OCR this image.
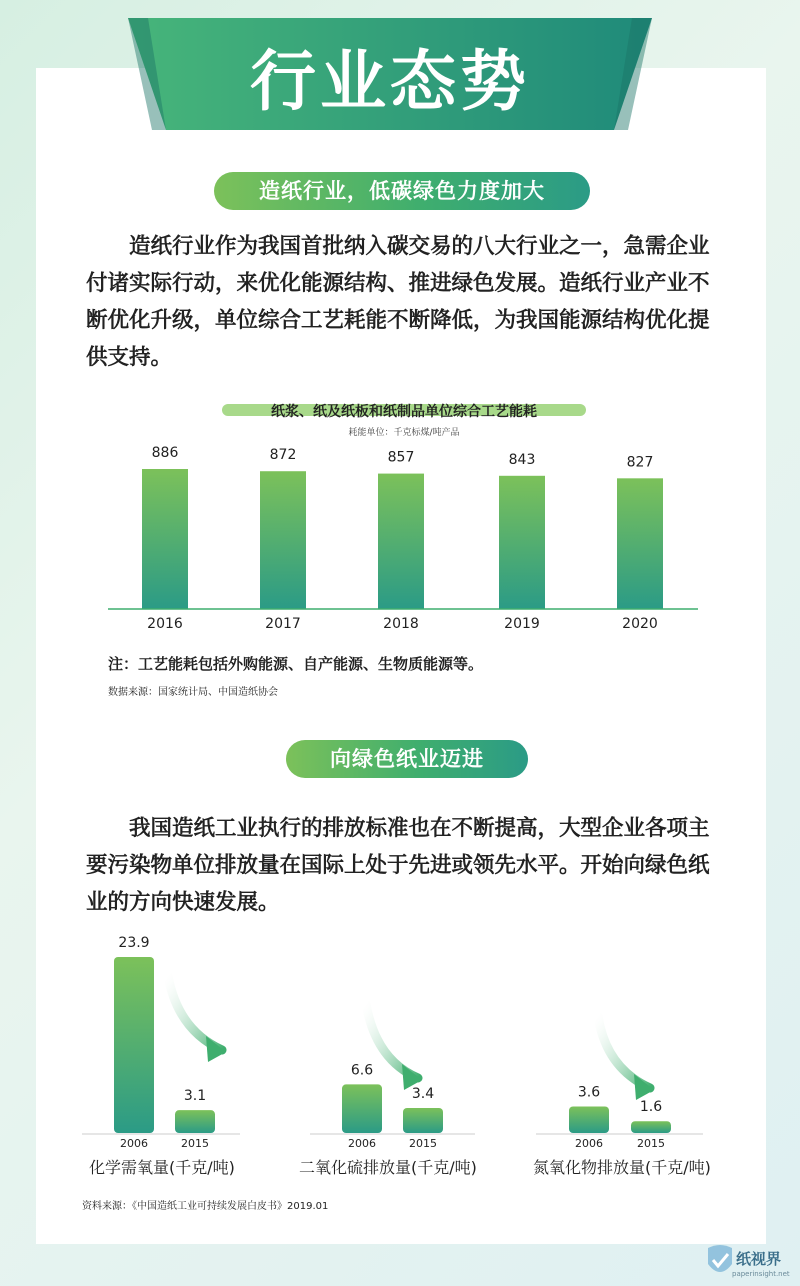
行业态势
造纸行业，低碳绿色力度加大
造纸行业作为我国首批纳入碳交易的八大行业之一，急需企业付诸实际行动，来优化能源结构、推进绿色发展。造纸行业产业不断优化升级，单位综合工艺耗能不断降低，为我国能源结构优化提供支持。
纸浆、纸及纸板和纸制品单位综合工艺能耗
耗能单位：千克标煤/吨产品
886
2016
872
2017
857
2018
843
2019
827
2020
注：工艺能耗包括外购能源、自产能源、生物质能源等。
数据来源：国家统计局、中国造纸协会
向绿色纸业迈进
我国造纸工业执行的排放标准也在不断提高，大型企业各项主要污染物单位排放量在国际上处于先进或领先水平。开始向绿色纸业的方向快速发展。
23.9
2006
3.1
2015
化学需氧量(千克/吨)
6.6
2006
3.4
2015
二氧化硫排放量(千克/吨)
3.6
2006
1.6
2015
氮氧化物排放量(千克/吨)
资料来源：《中国造纸工业可持续发展白皮书》2019.01
纸视界
paperinsight.net
